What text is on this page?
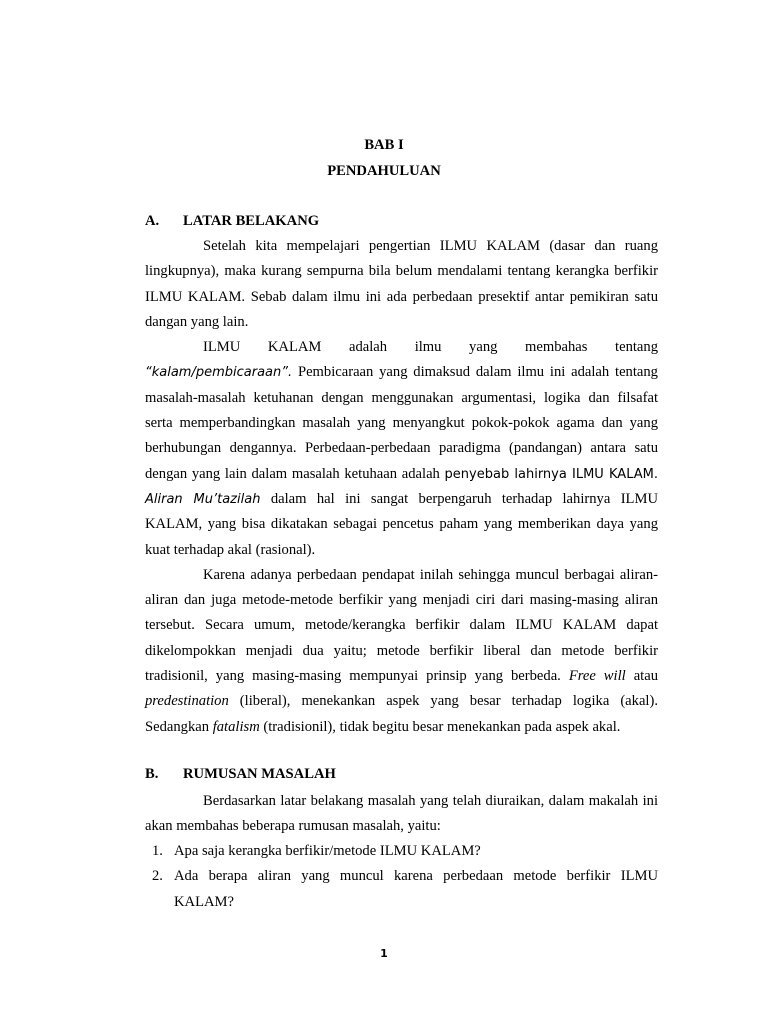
BAB I
PENDAHULUAN
A. LATAR BELAKANG

Setelah kita mempelajari pengertian ILMU KALAM (dasar dan ruang lingkupnya), maka kurang sempurna bila belum mendalami tentang kerangka berfikir ILMU KALAM. Sebab dalam ilmu ini ada perbedaan presektif antar pemikiran satu dangan yang lain.

ILMU KALAM adalah ilmu yang membahas tentang “kalam/pembicaraan”. Pembicaraan yang dimaksud dalam ilmu ini adalah tentang masalah-masalah ketuhanan dengan menggunakan argumentasi, logika dan filsafat serta memperbandingkan masalah yang menyangkut pokok-pokok agama dan yang berhubungan dengannya. Perbedaan-perbedaan paradigma (pandangan) antara satu dengan yang lain dalam masalah ketuhaan adalah penyebab lahirnya ILMU KALAM. Aliran Mu’tazilah dalam hal ini sangat berpengaruh terhadap lahirnya ILMU KALAM, yang bisa dikatakan sebagai pencetus paham yang memberikan daya yang kuat terhadap akal (rasional).

Karena adanya perbedaan pendapat inilah sehingga muncul berbagai aliran-aliran dan juga metode-metode berfikir yang menjadi ciri dari masing-masing aliran tersebut. Secara umum, metode/kerangka berfikir dalam ILMU KALAM dapat dikelompokkan menjadi dua yaitu; metode berfikir liberal dan metode berfikir tradisionil, yang masing-masing mempunyai prinsip yang berbeda. Free will atau predestination (liberal), menekankan aspek yang besar terhadap logika (akal). Sedangkan fatalism (tradisionil), tidak begitu besar menekankan pada aspek akal.

B. RUMUSAN MASALAH

Berdasarkan latar belakang masalah yang telah diuraikan, dalam makalah ini akan membahas beberapa rumusan masalah, yaitu:

1. Apa saja kerangka berfikir/metode ILMU KALAM?
2. Ada berapa aliran yang muncul karena perbedaan metode berfikir ILMU KALAM?
1
